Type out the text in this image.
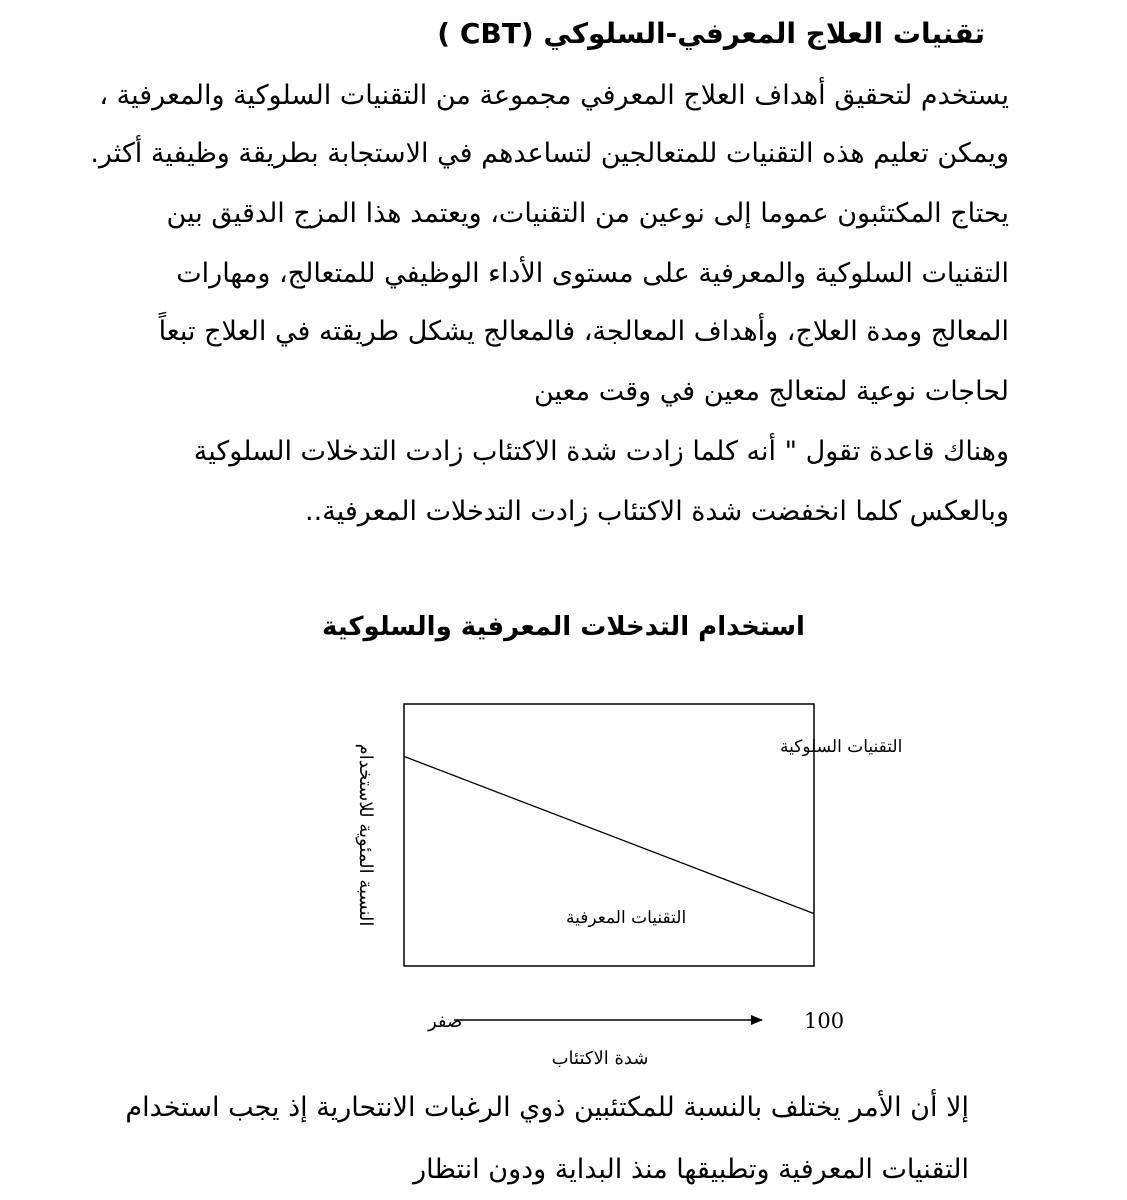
تقنيات العلاج المعرفي-السلوكي (CBT )

يستخدم لتحقيق أهداف العلاج المعرفي مجموعة من التقنيات السلوكية والمعرفية ،

ويمكن تعليم هذه التقنيات للمتعالجين لتساعدهم في الاستجابة بطريقة وظيفية أكثر.

يحتاج المكتئبون عموما إلى نوعين من التقنيات، ويعتمد هذا المزج الدقيق بين

التقنيات السلوكية والمعرفية على مستوى الأداء الوظيفي للمتعالج، ومهارات

المعالج ومدة العلاج، وأهداف المعالجة، فالمعالج يشكل طريقته في العلاج تبعاً

لحاجات نوعية لمتعالج معين في وقت معين

وهناك قاعدة تقول " أنه كلما زادت شدة الاكتئاب زادت التدخلات السلوكية

وبالعكس كلما انخفضت شدة الاكتئاب زادت التدخلات المعرفية..

استخدام التدخلات المعرفية والسلوكية

التقنيات السلوكية
التقنيات المعرفية
النسبة المئوية للاستخدام
صفر	100
شدة الاكتئاب

إلا أن الأمر يختلف بالنسبة للمكتئبين ذوي الرغبات الانتحارية إذ يجب استخدام

التقنيات المعرفية وتطبيقها منذ البداية ودون انتظار
